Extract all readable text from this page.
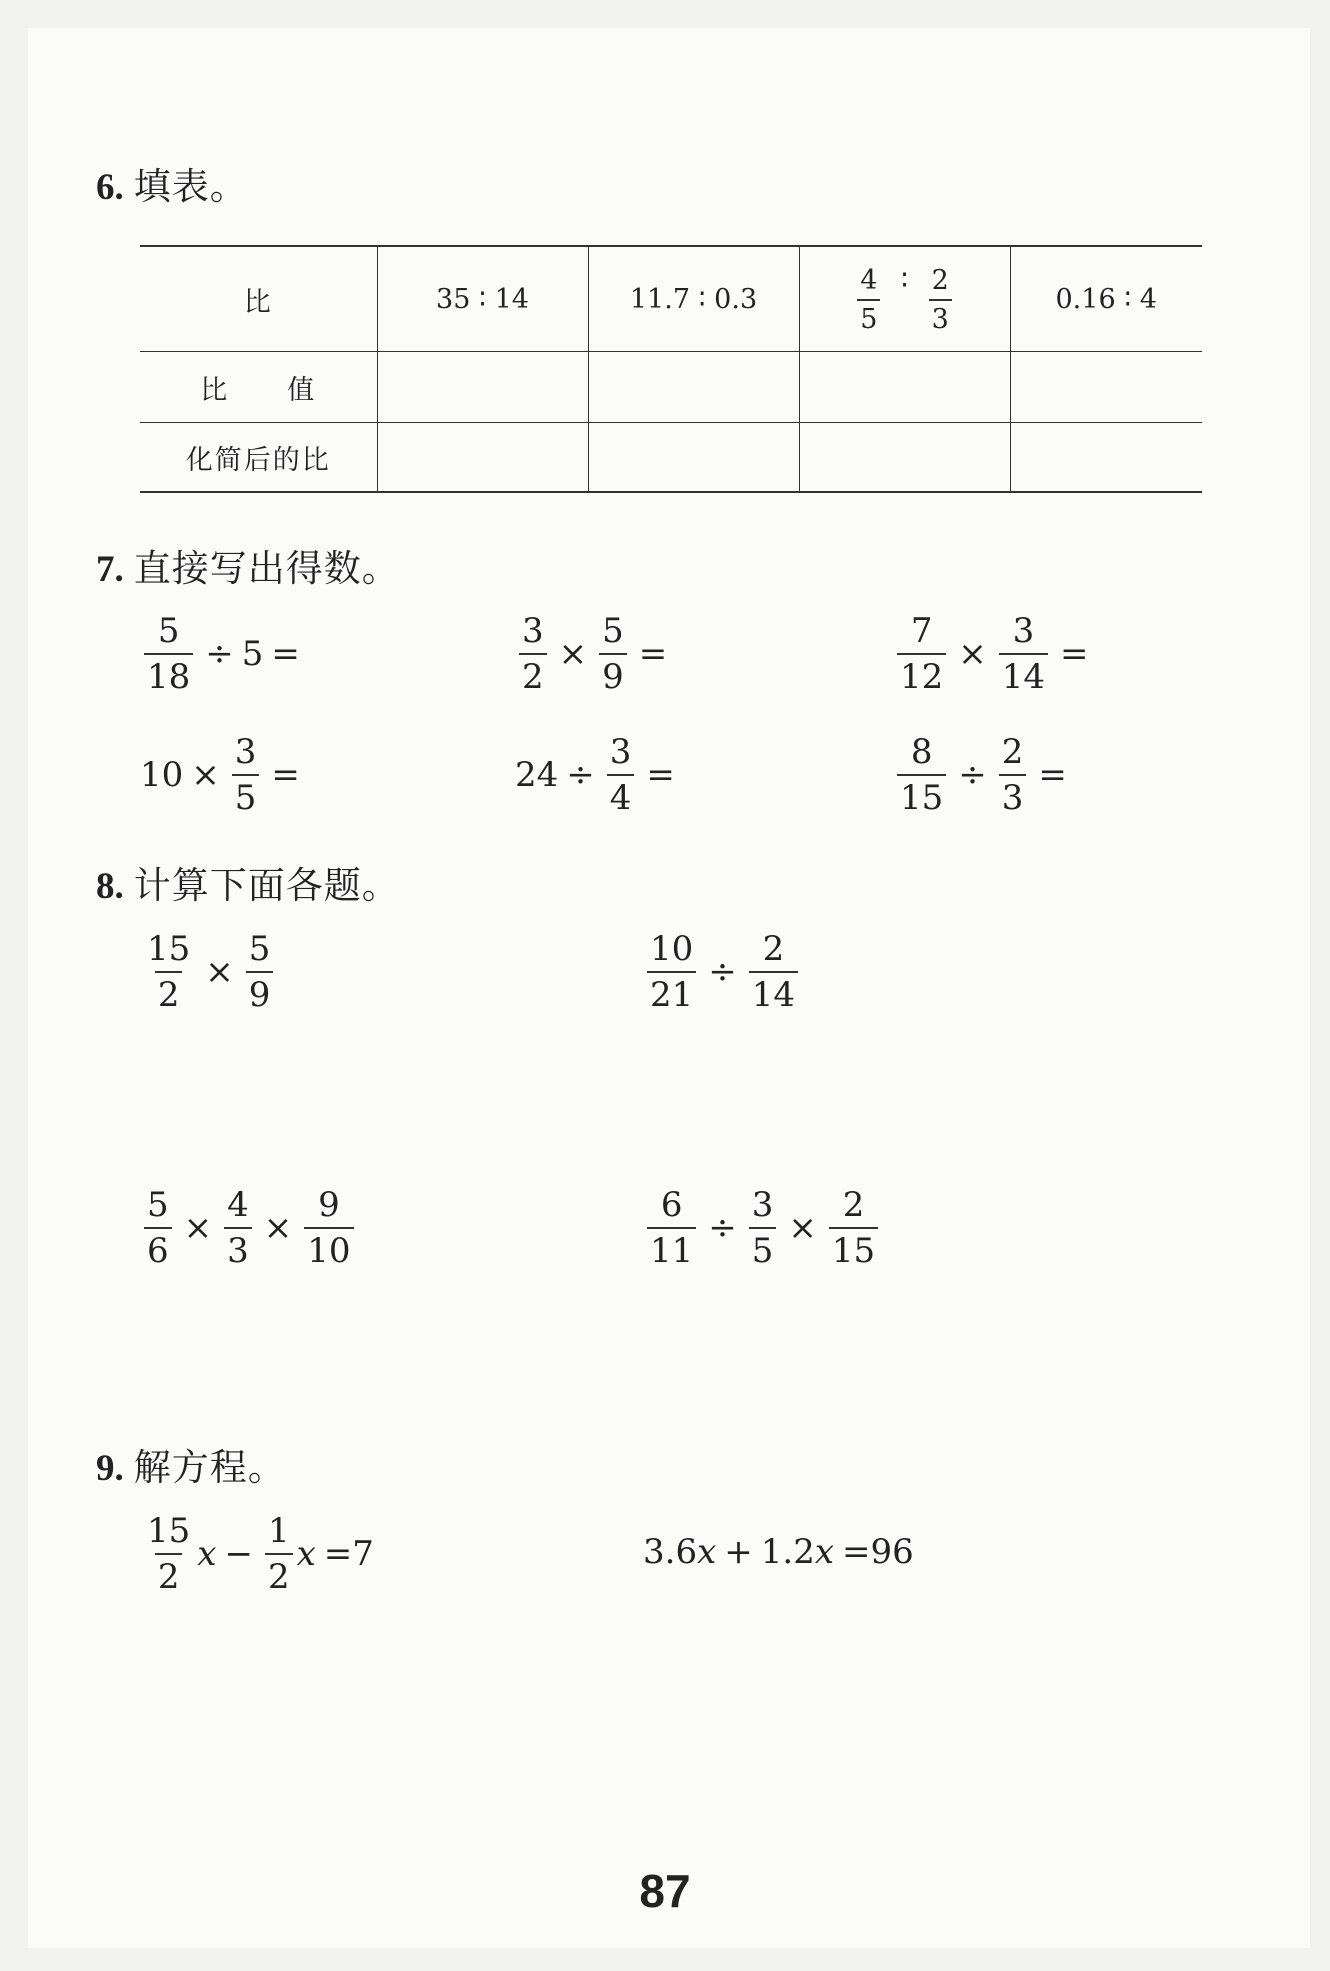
6. 填表。
比	35 ∶ 14	11.7 ∶ 0.3	$\frac{4}{5}$ ∶ $\frac{2}{3}$	0.16 ∶ 4
比　　值				
化简后的比				
7. 直接写出得数。
$\frac{5}{18} \div 5$ =	$\frac{3}{2} \times \frac{5}{9}$ =	$\frac{7}{12} \times \frac{3}{14}$ =
$10 \times \frac{3}{5}$ =	$24 \div \frac{3}{4}$ =	$\frac{8}{15} \div \frac{2}{3}$ =
8. 计算下面各题。
$\frac{15}{2} \times \frac{5}{9}$	$\frac{10}{21} \div \frac{2}{14}$
$\frac{5}{6} \times \frac{4}{3} \times \frac{9}{10}$	$\frac{6}{11} \div \frac{3}{5} \times \frac{2}{15}$
9. 解方程。
$\frac{15}{2}$ $x - \frac{1}{2}$ x =7	3.6 x + 1.2 x =96
87
